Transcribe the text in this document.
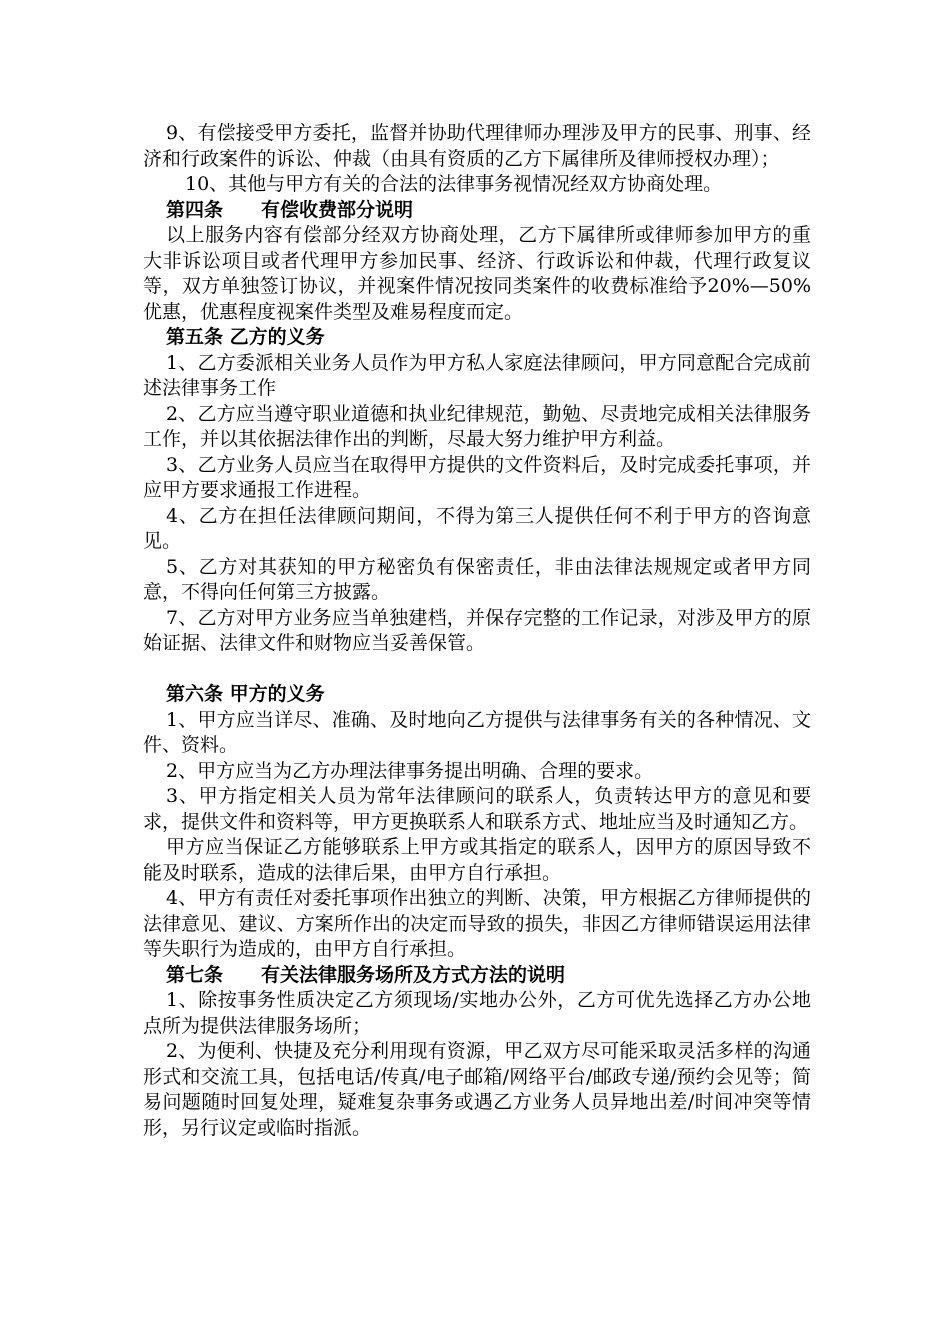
9、有偿接受甲方委托，监督并协助代理律师办理涉及甲方的民事、刑事、经济和行政案件的诉讼、仲裁（由具有资质的乙方下属律所及律师授权办理）；

10、其他与甲方有关的合法的法律事务视情况经双方协商处理。

第四条　　有偿收费部分说明

以上服务内容有偿部分经双方协商处理，乙方下属律所或律师参加甲方的重大非诉讼项目或者代理甲方参加民事、经济、行政诉讼和仲裁，代理行政复议等，双方单独签订协议，并视案件情况按同类案件的收费标准给予20%—50%优惠，优惠程度视案件类型及难易程度而定。

第五条 乙方的义务

1、乙方委派相关业务人员作为甲方私人家庭法律顾问，甲方同意配合完成前述法律事务工作

2、乙方应当遵守职业道德和执业纪律规范，勤勉、尽责地完成相关法律服务工作，并以其依据法律作出的判断，尽最大努力维护甲方利益。

3、乙方业务人员应当在取得甲方提供的文件资料后，及时完成委托事项，并应甲方要求通报工作进程。

4、乙方在担任法律顾问期间，不得为第三人提供任何不利于甲方的咨询意见。

5、乙方对其获知的甲方秘密负有保密责任，非由法律法规规定或者甲方同意，不得向任何第三方披露。

7、乙方对甲方业务应当单独建档，并保存完整的工作记录，对涉及甲方的原始证据、法律文件和财物应当妥善保管。

第六条 甲方的义务

1、甲方应当详尽、准确、及时地向乙方提供与法律事务有关的各种情况、文件、资料。

2、甲方应当为乙方办理法律事务提出明确、合理的要求。

3、甲方指定相关人员为常年法律顾问的联系人，负责转达甲方的意见和要求，提供文件和资料等，甲方更换联系人和联系方式、地址应当及时通知乙方。

甲方应当保证乙方能够联系上甲方或其指定的联系人，因甲方的原因导致不能及时联系，造成的法律后果，由甲方自行承担。

4、甲方有责任对委托事项作出独立的判断、决策，甲方根据乙方律师提供的法律意见、建议、方案所作出的决定而导致的损失，非因乙方律师错误运用法律等失职行为造成的，由甲方自行承担。

第七条　　有关法律服务场所及方式方法的说明

1、除按事务性质决定乙方须现场/实地办公外，乙方可优先选择乙方办公地点所为提供法律服务场所；

2、为便利、快捷及充分利用现有资源，甲乙双方尽可能采取灵活多样的沟通形式和交流工具，包括电话/传真/电子邮箱/网络平台/邮政专递/预约会见等；简易问题随时回复处理，疑难复杂事务或遇乙方业务人员异地出差/时间冲突等情形，另行议定或临时指派。
